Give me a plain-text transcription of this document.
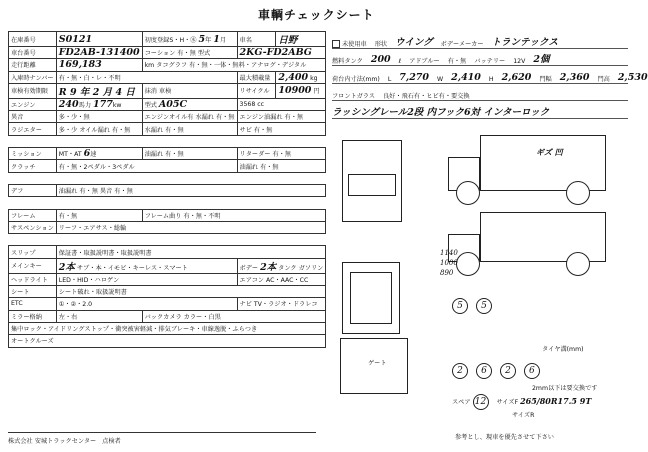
車輌チェックシート
在庫番号	S0121	初度登録S・H・㊌ 5年 1月	車名	日野
車台番号	FD2AB-131400	コーション 有・無 型式	2KG-FD2ABG	
走行距離	169,183	km タコグラフ 有・無・一体・無料・アナログ・デジタル		
入庫時ナンバー	有・無・白・レ・不明		最大積載量	2,400 kg
車検有効期限	R 9 年 2 月 4 日	抹消 車検	リサイクル	10900 円
エンジン	240馬力 177kw	型式 A05C	3568 cc	
異音	多・少・無	エンジンオイル有 水漏れ 有・無	エンジン油漏れ 有・無	
ラジエター	多・少 オイル漏れ 有・無	水漏れ 有・無	サビ 有・無	

ミッション	MT・AT 6速	油漏れ 有・無	リターダー 有・無	
クラッチ	有・無・2ペダル・3ペダル		油漏れ 有・無	

デフ	油漏れ 有・無 異音 有・無			

フレーム	有・無	フレーム曲り 有・無・不明		
サスペンション	リーフ・エアサス・総輪			

スリップ	保証書・取扱説明書・取扱説明書			
メインキー	2本 サブ・本・イモビ・キーレス・スマート		ボデー 2本 タンク ガソリン	
ヘッドライト	LED・HID・ハロゲン		エアコン AC・AAC・CC	
シート	シート破れ・取扱説明書			
ETC	①・②・2.0		ナビ TV・ラジオ・ドラレコ	
ミラー格納	左・右	バックカメラ カラー・白黒		
集中ロック・アイドリングストップ・衝突被害軽減・排気ブレーキ・車線逸脱・ふらつき				
オートクルーズ				
未使用車 形状 ウイング ボデーメーカー トランテックス
燃料タンク 200 ℓ アドブルー 有・無 バッテリー 12V 2個
荷台内寸法(mm) L 7,270 W 2,410 H 2,620 門幅 2,360 門高 2,530
フロントガラス 良好・飛石有・ヒビ有・要交換
ラッシングレール2段 内フック6対 インターロック
ギズ 凹
1140
1000
890
ゲート
5 5
タイヤ溝(mm)
2 6 2 6
2mm以下は要交換です
スペア 12 サイズF 265/80R17.5 9T
サイズR
株式会社 安城トラックセンター 点検者
参考とし、現車を優先させて下さい
